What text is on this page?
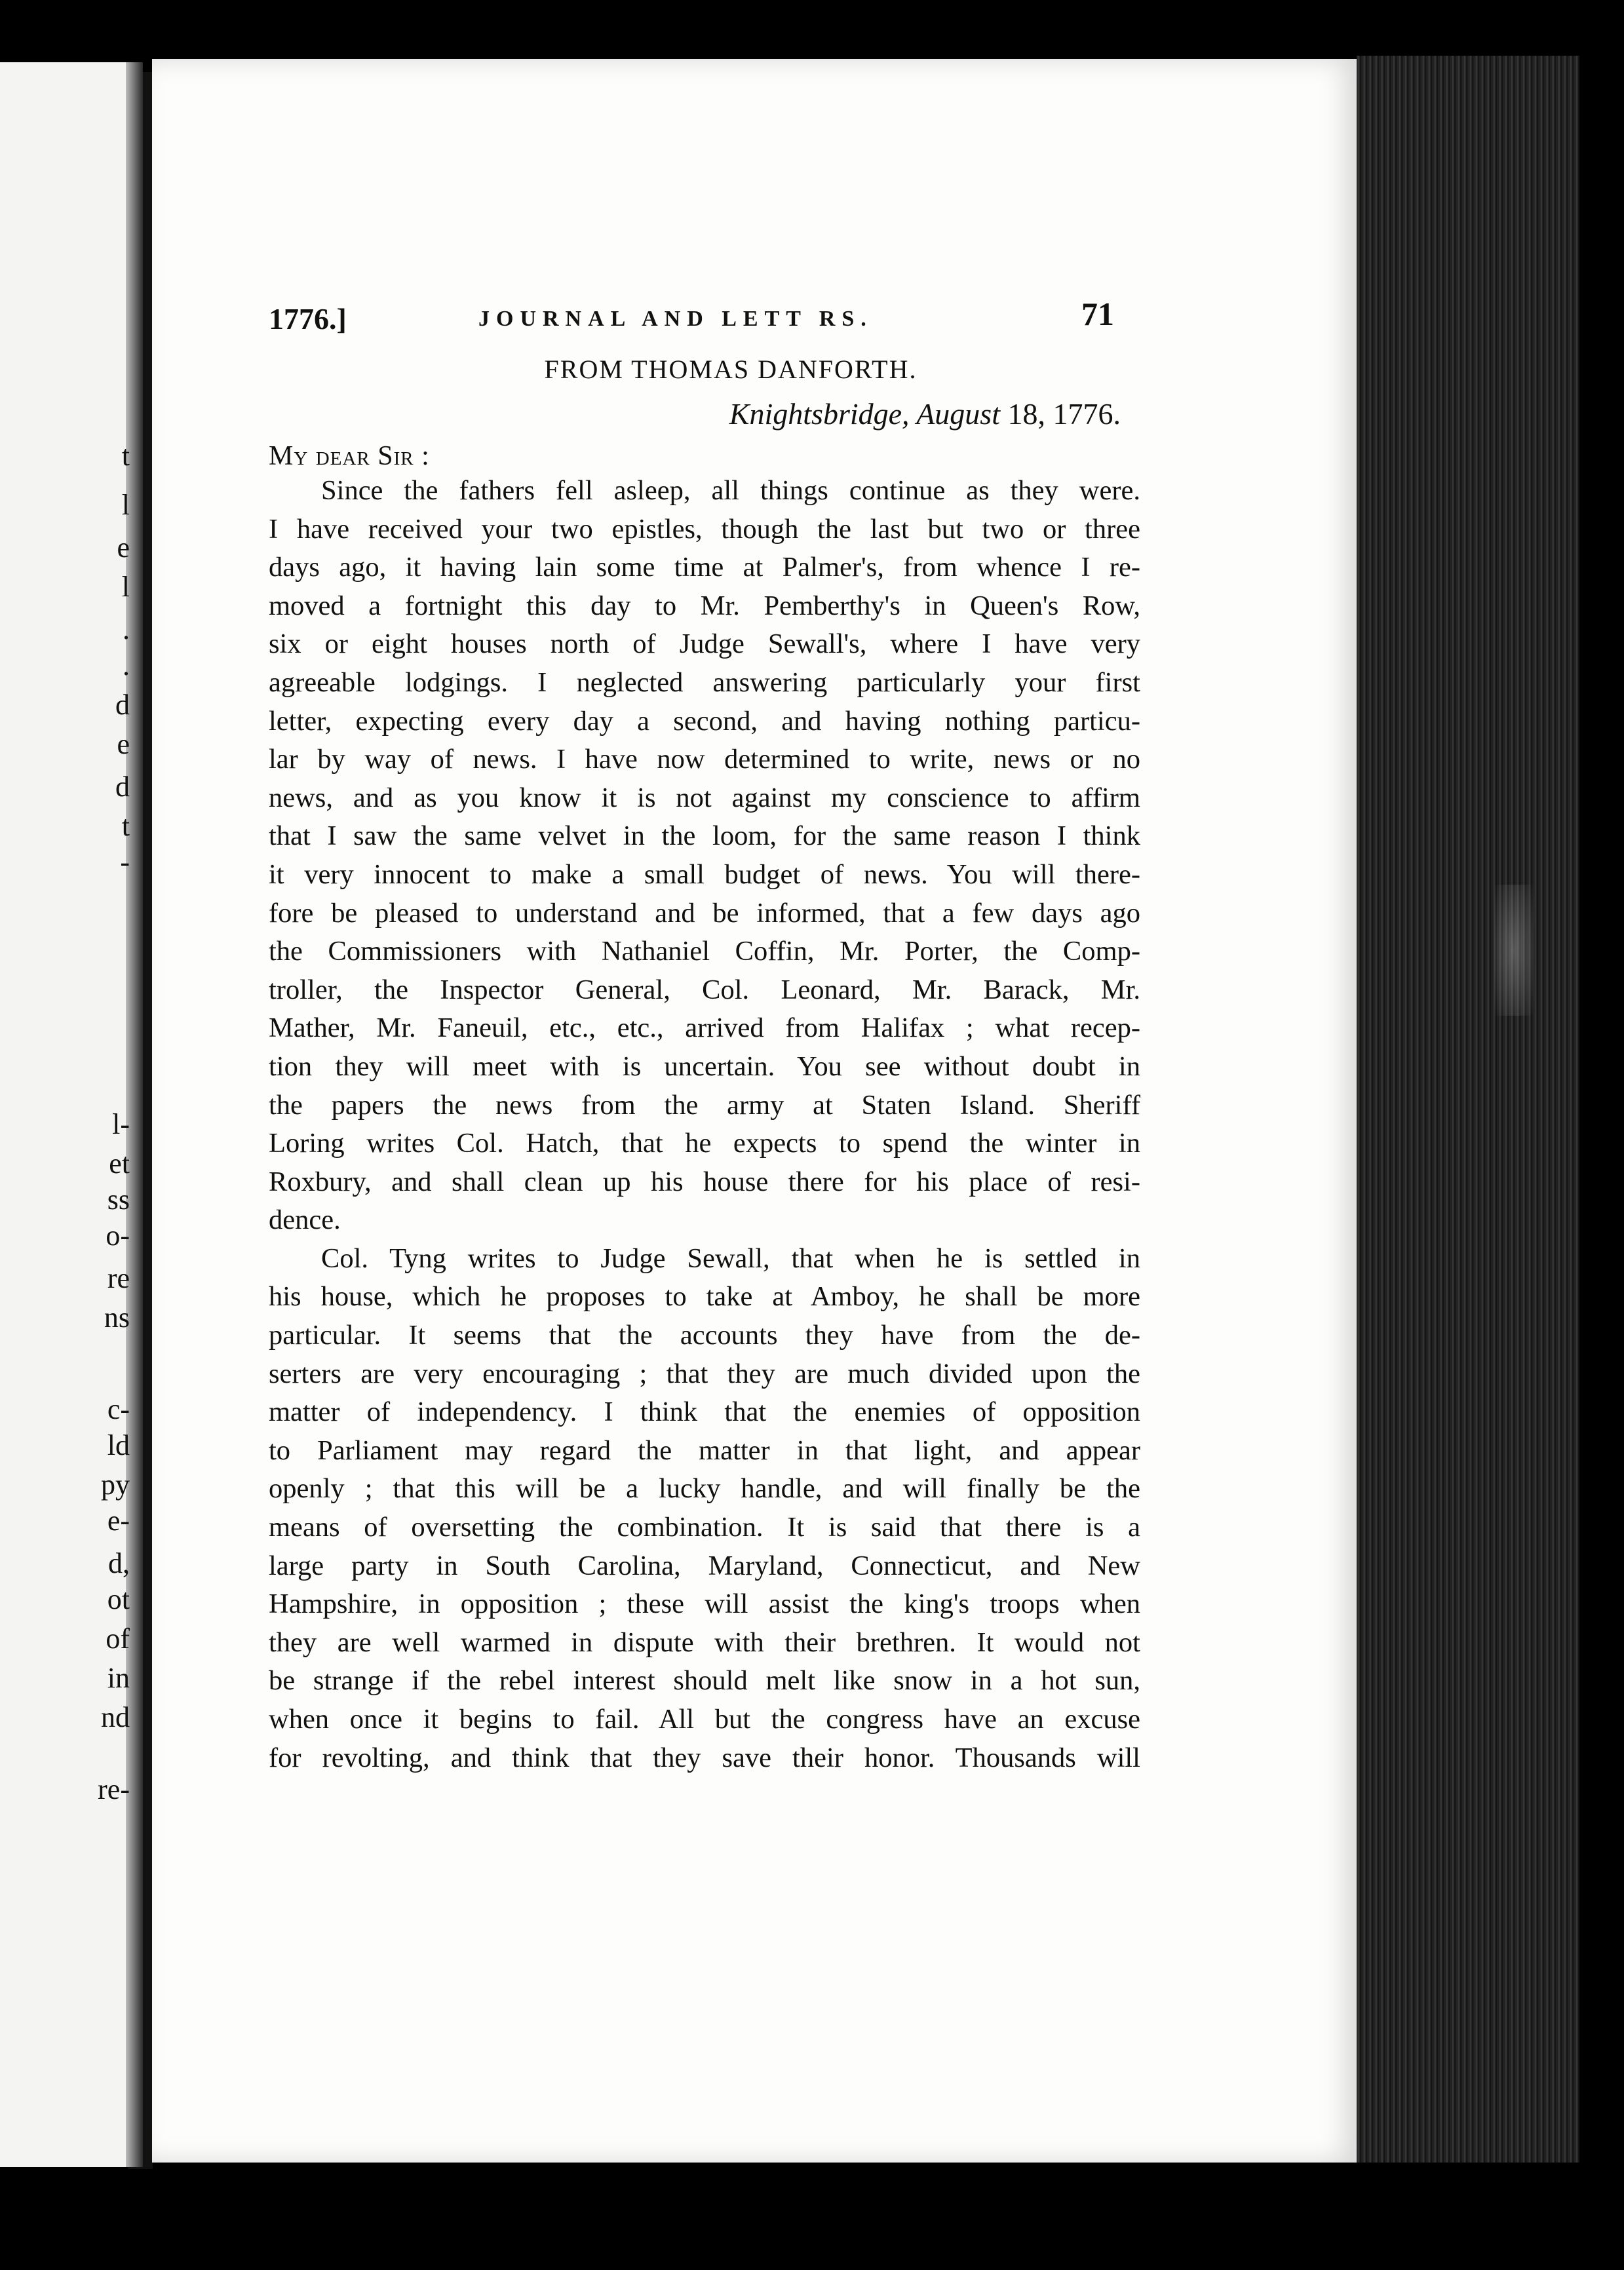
t
l
e
l
.
.
d
e
d
t
-
l-
et
ss
o-
re
ns
c-
ld
py
e-
d,
ot
of
in
nd
re-
1776.]	JOURNAL AND LETT RS.	71
FROM THOMAS DANFORTH.
Knightsbridge, August 18, 1776.
My dear Sir :
Since the fathers fell asleep, all things continue as they were.
I have received your two epistles, though the last but two or three
days ago, it having lain some time at Palmer's, from whence I re-
moved a fortnight this day to Mr. Pemberthy's in Queen's Row,
six or eight houses north of Judge Sewall's, where I have very
agreeable lodgings. I neglected answering particularly your first
letter, expecting every day a second, and having nothing particu-
lar by way of news. I have now determined to write, news or no
news, and as you know it is not against my conscience to affirm
that I saw the same velvet in the loom, for the same reason I think
it very innocent to make a small budget of news. You will there-
fore be pleased to understand and be informed, that a few days ago
the Commissioners with Nathaniel Coffin, Mr. Porter, the Comp-
troller, the Inspector General, Col. Leonard, Mr. Barack, Mr.
Mather, Mr. Faneuil, etc., etc., arrived from Halifax ; what recep-
tion they will meet with is uncertain. You see without doubt in
the papers the news from the army at Staten Island. Sheriff
Loring writes Col. Hatch, that he expects to spend the winter in
Roxbury, and shall clean up his house there for his place of resi-
dence.
Col. Tyng writes to Judge Sewall, that when he is settled in
his house, which he proposes to take at Amboy, he shall be more
particular. It seems that the accounts they have from the de-
serters are very encouraging ; that they are much divided upon the
matter of independency. I think that the enemies of opposition
to Parliament may regard the matter in that light, and appear
openly ; that this will be a lucky handle, and will finally be the
means of oversetting the combination. It is said that there is a
large party in South Carolina, Maryland, Connecticut, and New
Hampshire, in opposition ; these will assist the king's troops when
they are well warmed in dispute with their brethren. It would not
be strange if the rebel interest should melt like snow in a hot sun,
when once it begins to fail. All but the congress have an excuse
for revolting, and think that they save their honor. Thousands will
